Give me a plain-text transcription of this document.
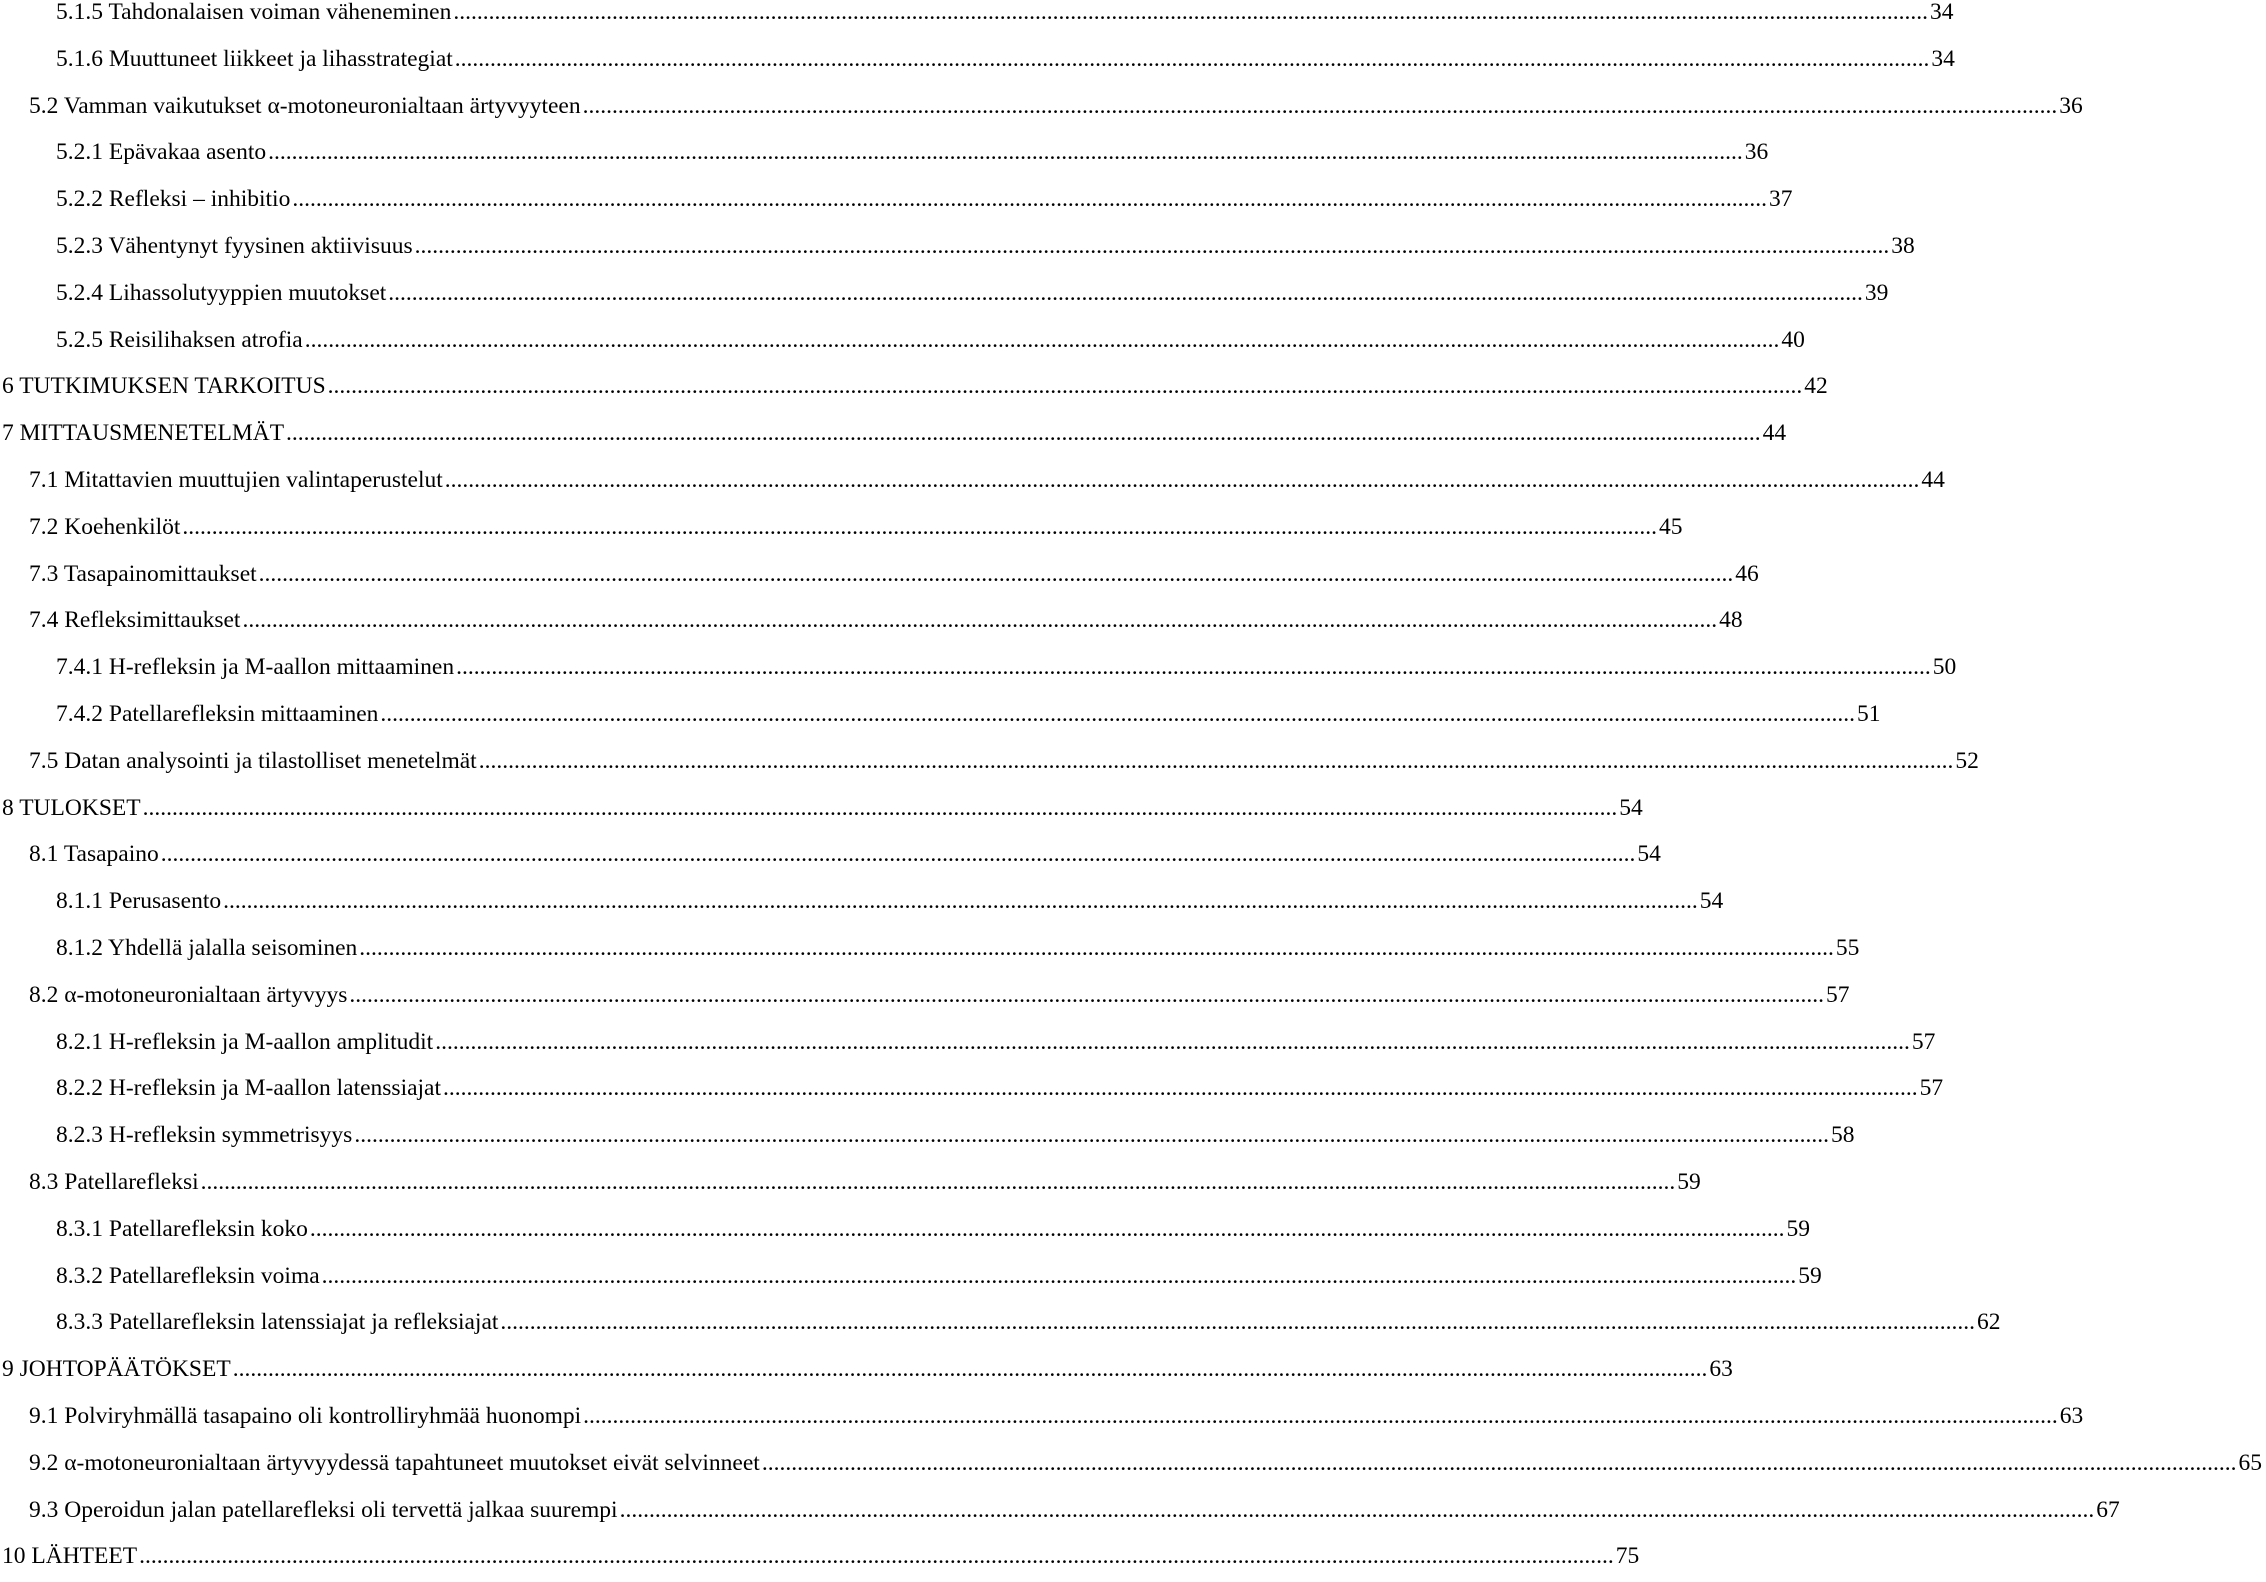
5.1.5 Tahdonalaisen voiman väheneminen .....	34
5.1.6 Muuttuneet liikkeet ja lihasstrategiat .....	34
5.2 Vamman vaikutukset α-motoneuronialtaan ärtyvyyteen .....	36
5.2.1 Epävakaa asento .....	36
5.2.2 Refleksi – inhibitio .....	37
5.2.3 Vähentynyt fyysinen aktiivisuus .....	38
5.2.4 Lihassolutyyppien muutokset .....	39
5.2.5 Reisilihaksen atrofia .....	40
6 TUTKIMUKSEN TARKOITUS .....	42
7 MITTAUSMENETELMÄT .....	44
7.1 Mitattavien muuttujien valintaperustelut .....	44
7.2 Koehenkilöt .....	45
7.3 Tasapainomittaukset .....	46
7.4 Refleksimittaukset .....	48
7.4.1 H-refleksin ja M-aallon mittaaminen .....	50
7.4.2 Patellarefleksin mittaaminen .....	51
7.5 Datan analysointi ja tilastolliset menetelmät .....	52
8 TULOKSET .....	54
8.1 Tasapaino .....	54
8.1.1 Perusasento .....	54
8.1.2 Yhdellä jalalla seisominen .....	55
8.2 α-motoneuronialtaan ärtyvyys .....	57
8.2.1 H-refleksin ja M-aallon amplitudit .....	57
8.2.2 H-refleksin ja M-aallon latenssiajat .....	57
8.2.3 H-refleksin symmetrisyys .....	58
8.3 Patellarefleksi .....	59
8.3.1 Patellarefleksin koko .....	59
8.3.2 Patellarefleksin voima .....	59
8.3.3 Patellarefleksin latenssiajat ja refleksiajat .....	62
9 JOHTOPÄÄTÖKSET .....	63
9.1 Polviryhmällä tasapaino oli kontrolliryhmää huonompi .....	63
9.2 α-motoneuronialtaan ärtyvyydessä tapahtuneet muutokset eivät selvinneet .....	65
9.3 Operoidun jalan patellarefleksi oli tervettä jalkaa suurempi .....	67
10 LÄHTEET .....	75
